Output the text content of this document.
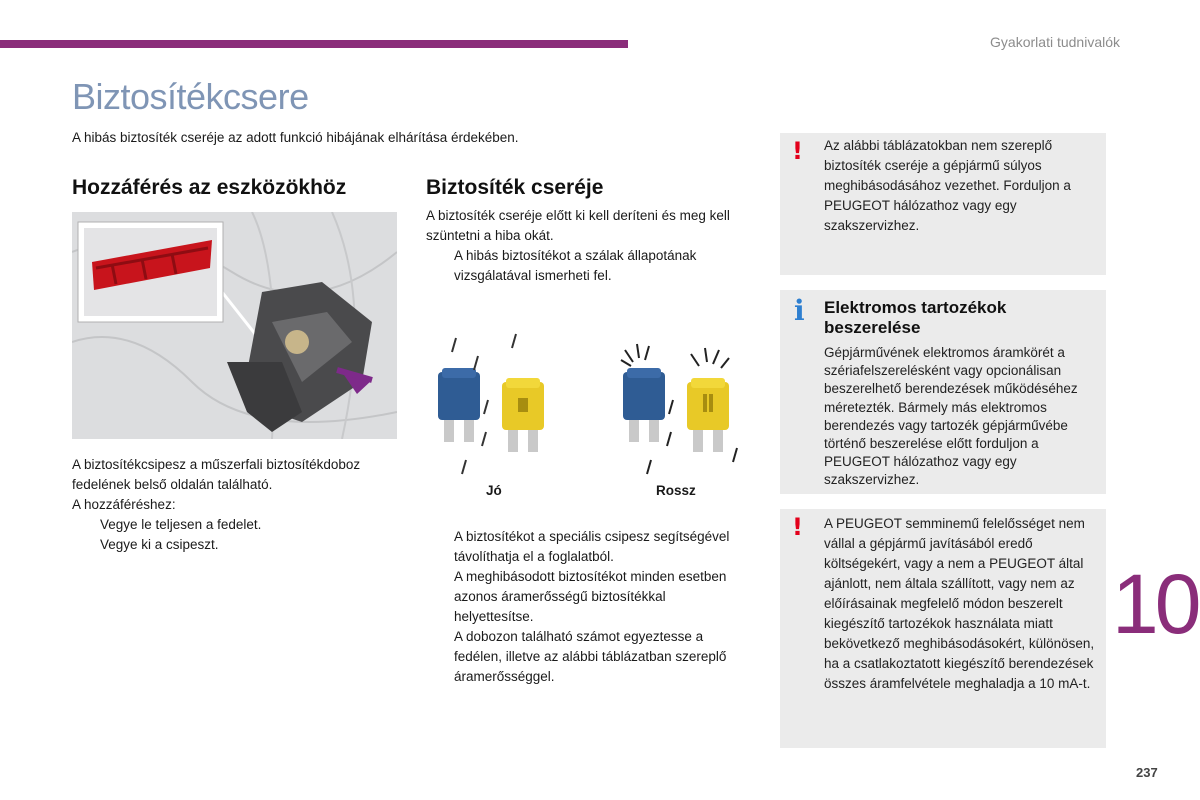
Gyakorlati tudnivalók
Biztosítékcsere
A hibás biztosíték cseréje az adott funkció hibájának elhárítása érdekében.
Hozzáférés az eszközökhöz

A biztosítékcsipesz a műszerfali biztosítékdoboz fedelének belső oldalán található.

A hozzáféréshez:

Vegye le teljesen a fedelet.
Vegye ki a csipeszt.
Biztosíték cseréje

A biztosíték cseréje előtt ki kell deríteni és meg kell szüntetni a hiba okát.

A hibás biztosítékot a szálak állapotának vizsgálatával ismerheti fel.
Jó	Rossz
A biztosítékot a speciális csipesz segítségével távolíthatja el a foglalatból.
A meghibásodott biztosítékot minden esetben azonos áramerősségű biztosítékkal helyettesítse.
A dobozon található számot egyeztesse a fedélen, illetve az alábbi táblázatban szereplő áramerősséggel.
! Az alábbi táblázatokban nem szereplő biztosíték cseréje a gépjármű súlyos meghibásodásához vezethet. Forduljon a PEUGEOT hálózathoz vagy egy szakszervizhez.
i Elektromos tartozékok beszerelése
Gépjárművének elektromos áramkörét a szériafelszerelésként vagy opcionálisan beszerelhető berendezések működéséhez méretezték. Bármely más elektromos berendezés vagy tartozék gépjárművébe történő beszerelése előtt forduljon a PEUGEOT hálózathoz vagy egy szakszervizhez.
! A PEUGEOT semminemű felelősséget nem vállal a gépjármű javításából eredő költségekért, vagy a nem a PEUGEOT által ajánlott, nem általa szállított, vagy nem az előírásainak megfelelő módon beszerelt kiegészítő tartozékok használata miatt bekövetkező meghibásodásokért, különösen, ha a csatlakoztatott kiegészítő berendezések összes áramfelvétele meghaladja a 10 mA-t.
10
237
